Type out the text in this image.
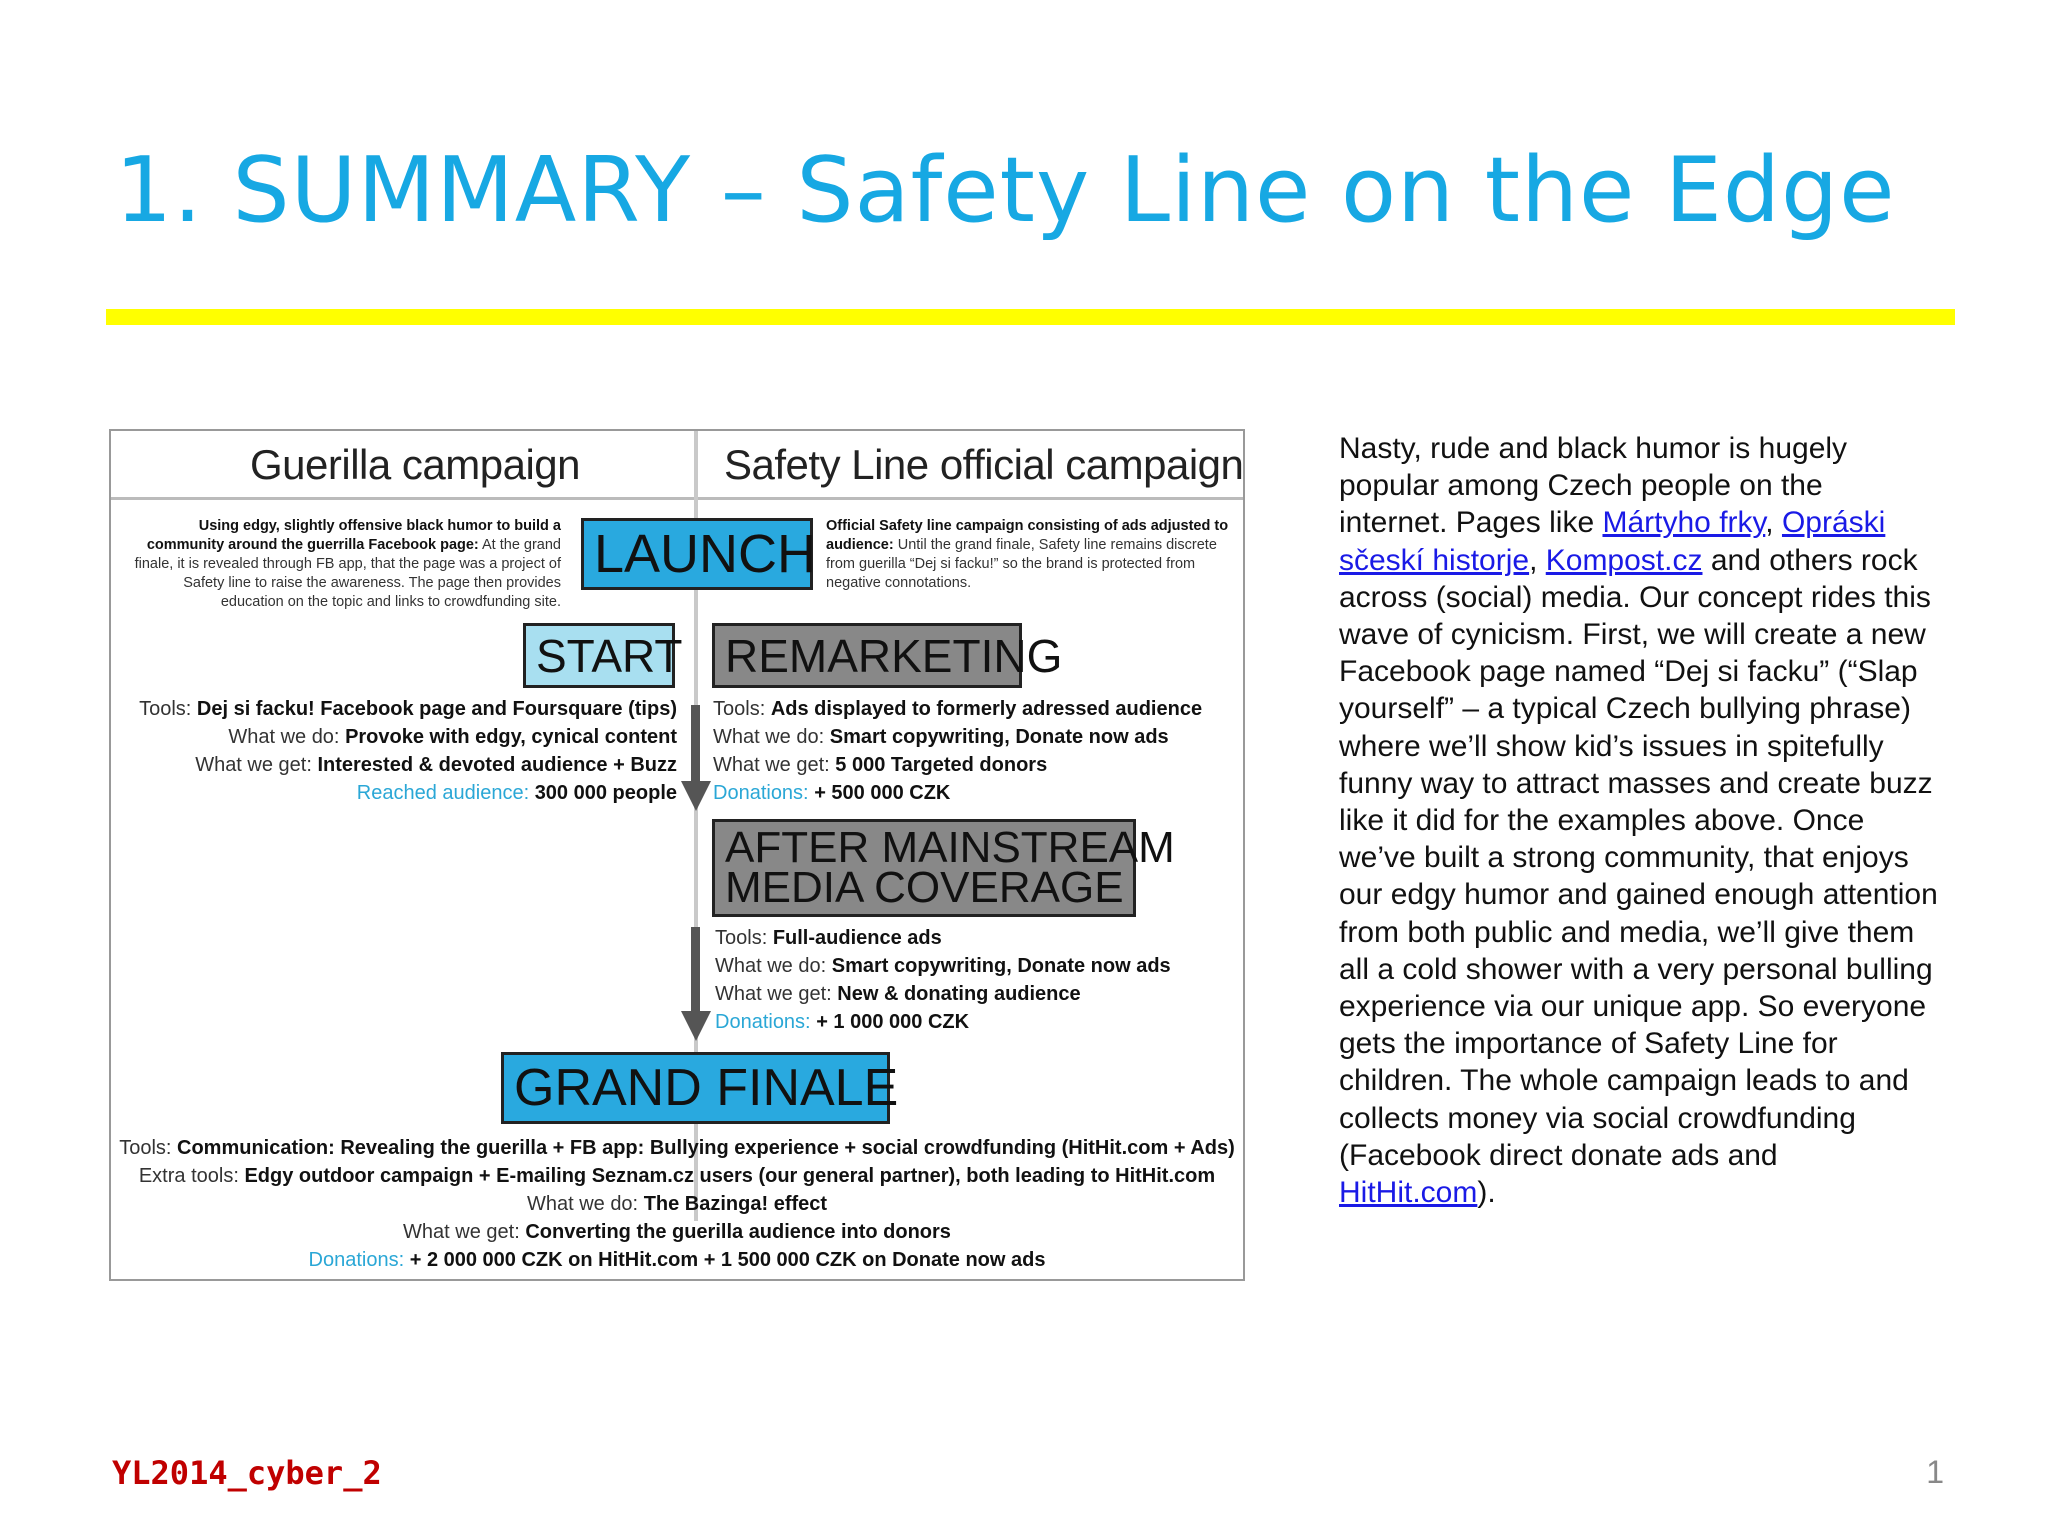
1. SUMMARY – Safety Line on the Edge
Guerilla campaign	Safety Line official campaign
Using edgy, slightly offensive black humor to build a community around the guerrilla Facebook page: At the grand finale, it is revealed through FB app, that the page was a project of Safety line to raise the awareness. The page then provides education on the topic and links to crowdfunding site.
LAUNCH Official Safety line campaign consisting of ads adjusted to audience: Until the grand finale, Safety line remains discrete from guerilla “Dej si facku!” so the brand is protected from negative connotations.
START REMARKETING
Tools: Dej si facku! Facebook page and Foursquare (tips)
What we do: Provoke with edgy, cynical content
What we get: Interested & devoted audience + Buzz
Reached audience: 300 000 people
Tools: Ads displayed to formerly adressed audience
What we do: Smart copywriting, Donate now ads
What we get: 5 000 Targeted donors
Donations: + 500 000 CZK
AFTER MAINSTREAM
MEDIA COVERAGE
Tools: Full-audience ads
What we do: Smart copywriting, Donate now ads
What we get: New & donating audience
Donations: + 1 000 000 CZK
GRAND FINALE
Tools: Communication: Revealing the guerilla + FB app: Bullying experience + social crowdfunding (HitHit.com + Ads)
Extra tools: Edgy outdoor campaign + E-mailing Seznam.cz users (our general partner), both leading to HitHit.com
What we do: The Bazinga! effect
What we get: Converting the guerilla audience into donors
Donations: + 2 000 000 CZK on HitHit.com + 1 500 000 CZK on Donate now ads
Nasty, rude and black humor is hugely popular among Czech people on the internet. Pages like Mártyho frky, Opráski sčeskí historje, Kompost.cz and others rock across (social) media. Our concept rides this wave of cynicism. First, we will create a new Facebook page named “Dej si facku” (“Slap yourself” – a typical Czech bullying phrase) where we’ll show kid’s issues in spitefully funny way to attract masses and create buzz like it did for the examples above. Once we’ve built a strong community, that enjoys our edgy humor and gained enough attention from both public and media, we’ll give them all a cold shower with a very personal bulling experience via our unique app. So everyone gets the importance of Safety Line for children. The whole campaign leads to and collects money via social crowdfunding (Facebook direct donate ads and HitHit.com).
YL2014_cyber_2	1
